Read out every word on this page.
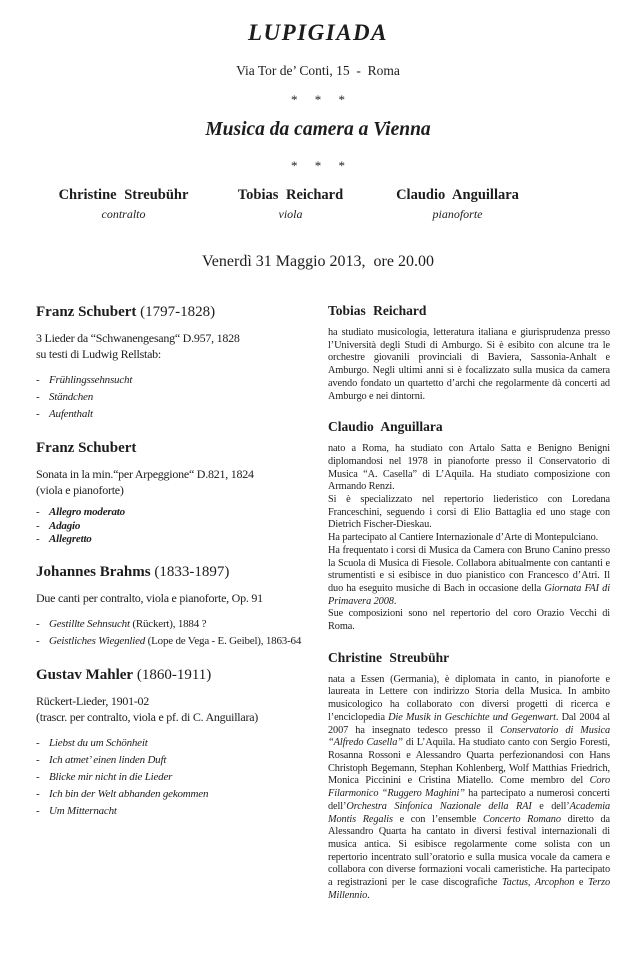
LUPIGIADA
Via Tor de’ Conti, 15  -  Roma
* * *
Musica da camera a Vienna
* * *
Christine Streubühr
contralto
Tobias Reichard
viola
Claudio Anguillara
pianoforte
Venerdì 31 Maggio 2013,  ore 20.00
Franz Schubert (1797-1828)
3 Lieder da “Schwanengesang“ D.957, 1828
su testi di Ludwig Rellstab:
- Frühlingssehnsucht
- Ständchen
- Aufenthalt
Franz Schubert
Sonata in la min.“per Arpeggione“ D.821, 1824
(viola e pianoforte)
- Allegro moderato
- Adagio
- Allegretto
Johannes Brahms (1833-1897)
Due canti per contralto, viola e pianoforte, Op. 91
- Gestillte Sehnsucht (Rückert), 1884 ?
- Geistliches Wiegenlied (Lope de Vega - E. Geibel), 1863-64
Gustav Mahler (1860-1911)
Rückert-Lieder, 1901-02
(trascr. per contralto, viola e pf. di C. Anguillara)
- Liebst du um Schönheit
- Ich atmet’ einen linden Duft
- Blicke mir nicht in die Lieder
- Ich bin der Welt abhanden gekommen
- Um Mitternacht
Tobias Reichard

ha studiato musicologia, letteratura italiana e giurisprudenza presso l’Università degli Studi di Amburgo. Si è esibito con alcune tra le orchestre giovanili provinciali di Baviera, Sassonia-Anhalt e Amburgo. Negli ultimi anni si è focalizzato sulla musica da camera avendo fondato un quartetto d’archi che regolarmente dà concerti ad Amburgo e nei dintorni.

Claudio Anguillara

nato a Roma, ha studiato con Artalo Satta e Benigno Benigni diplomandosi nel 1978 in pianoforte presso il Conservatorio di Musica “A. Casella” di L’Aquila. Ha studiato composizione con Armando Renzi.

Si è specializzato nel repertorio liederistico con Loredana Franceschini, seguendo i corsi di Elio Battaglia ed uno stage con Dietrich Fischer-Dieskau.

Ha partecipato al Cantiere Internazionale d’Arte di Montepulciano.

Ha frequentato i corsi di Musica da Camera con Bruno Canino presso la Scuola di Musica di Fiesole. Collabora abitualmente con cantanti e strumentisti e si esibisce in duo pianistico con Francesco d’Atri. Il duo ha eseguito musiche di Bach in occasione della Giornata FAI di Primavera 2008.

Sue composizioni sono nel repertorio del coro Orazio Vecchi di Roma.

Christine Streubühr

nata a Essen (Germania), è diplomata in canto, in pianoforte e laureata in Lettere con indirizzo Storia della Musica. In ambito musicologico ha collaborato con diversi progetti di ricerca e l’enciclopedia Die Musik in Geschichte und Gegenwart. Dal 2004 al 2007 ha insegnato tedesco presso il Conservatorio di Musica “Alfredo Casella” di L’Aquila. Ha studiato canto con Sergio Foresti, Rosanna Rossoni e Alessandro Quarta perfezionandosi con Hans Christoph Begemann, Stephan Kohlenberg, Wolf Matthias Friedrich, Monica Piccinini e Cristina Miatello. Come membro del Coro Filarmonico “Ruggero Maghini” ha partecipato a numerosi concerti dell’Orchestra Sinfonica Nazionale della RAI e dell’Academia Montis Regalis e con l’ensemble Concerto Romano diretto da Alessandro Quarta ha cantato in diversi festival internazionali di musica antica. Si esibisce regolarmente come solista con un repertorio incentrato sull’oratorio e sulla musica vocale da camera e collabora con diverse formazioni vocali cameristiche. Ha partecipato a registrazioni per le case discografiche Tactus, Arcophon e Terzo Millennio.
